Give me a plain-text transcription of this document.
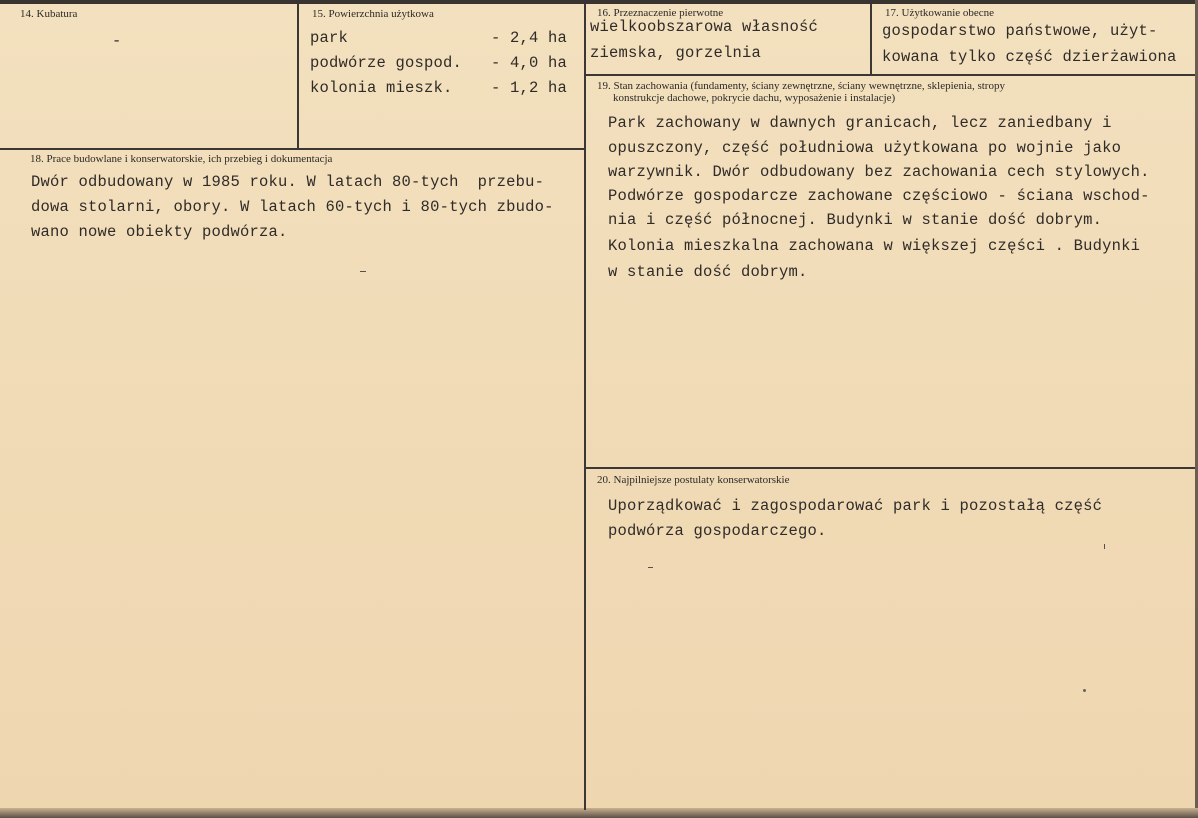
14. Kubatura
-
15. Powierzchnia użytkowa
park	- 2,4 ha
podwórze gospod. - 4,0 ha
kolonia mieszk. - 1,2 ha
16. Przeznaczenie pierwotne
wielkoobszarowa własność
ziemska, gorzelnia
17. Użytkowanie obecne
gospodarstwo państwowe, użyt-
kowana tylko część dzierżawiona
18. Prace budowlane i konserwatorskie, ich przebieg i dokumentacja
Dwór odbudowany w 1985 roku. W latach 80-tych  przebu-
dowa stolarni, obory. W latach 60-tych i 80-tych zbudo-
wano nowe obiekty podwórza.
19. Stan zachowania (fundamenty, ściany zewnętrzne, ściany wewnętrzne, sklepienia, stropy
konstrukcje dachowe, pokrycie dachu, wyposażenie i instalacje)
Park zachowany w dawnych granicach, lecz zaniedbany i
opuszczony, część południowa użytkowana po wojnie jako
warzywnik. Dwór odbudowany bez zachowania cech stylowych.
Podwórze gospodarcze zachowane częściowo - ściana wschod-
nia i część północnej. Budynki w stanie dość dobrym.
Kolonia mieszkalna zachowana w większej części . Budynki
w stanie dość dobrym.
20. Najpilniejsze postulaty konserwatorskie
Uporządkować i zagospodarować park i pozostałą część
podwórza gospodarczego.
